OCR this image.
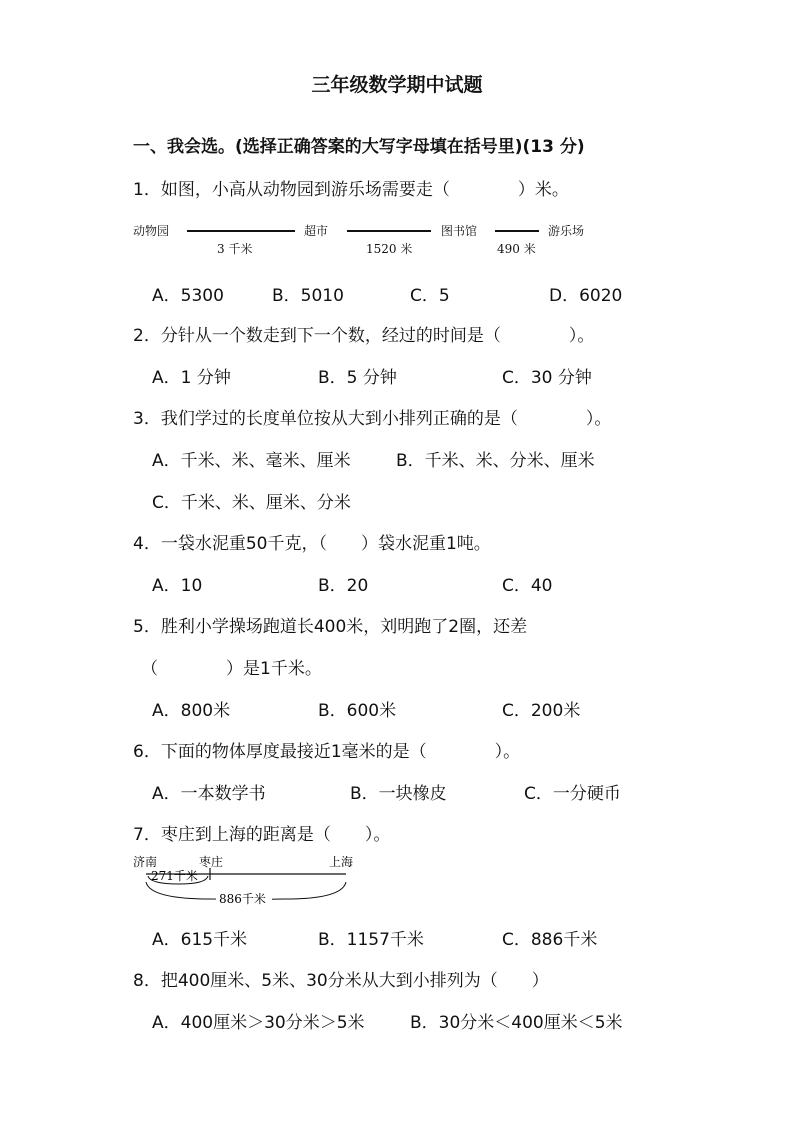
三年级数学期中试题
一、我会选。(选择正确答案的大写字母填在括号里)(13 分)
1．如图，小高从动物园到游乐场需要走（　　　　）米。
动物园
3 千米
超市
1520 米
图书馆
490 米
游乐场
A．5300	B．5010	C．5	D．6020
2．分针从一个数走到下一个数，经过的时间是（　　　　）。
A．1 分钟	B．5 分钟	C．30 分钟
3．我们学过的长度单位按从大到小排列正确的是（　　　　）。
A．千米、米、毫米、厘米	B．千米、米、分米、厘米
C．千米、米、厘米、分米
4．一袋水泥重50千克，（　　）袋水泥重1吨。
A．10	B．20	C．40
5．胜利小学操场跑道长400米，刘明跑了2圈，还差
（　　　　）是1千米。
A．800米	B．600米	C．200米
6．下面的物体厚度最接近1毫米的是（　　　　）。
A．一本数学书	B．一块橡皮	C．一分硬币
7．枣庄到上海的距离是（　　）。
济南	枣庄	上海
271千米
886千米
A．615千米	B．1157千米	C．886千米
8．把400厘米、5米、30分米从大到小排列为（　　）
A．400厘米＞30分米＞5米	B．30分米＜400厘米＜5米
